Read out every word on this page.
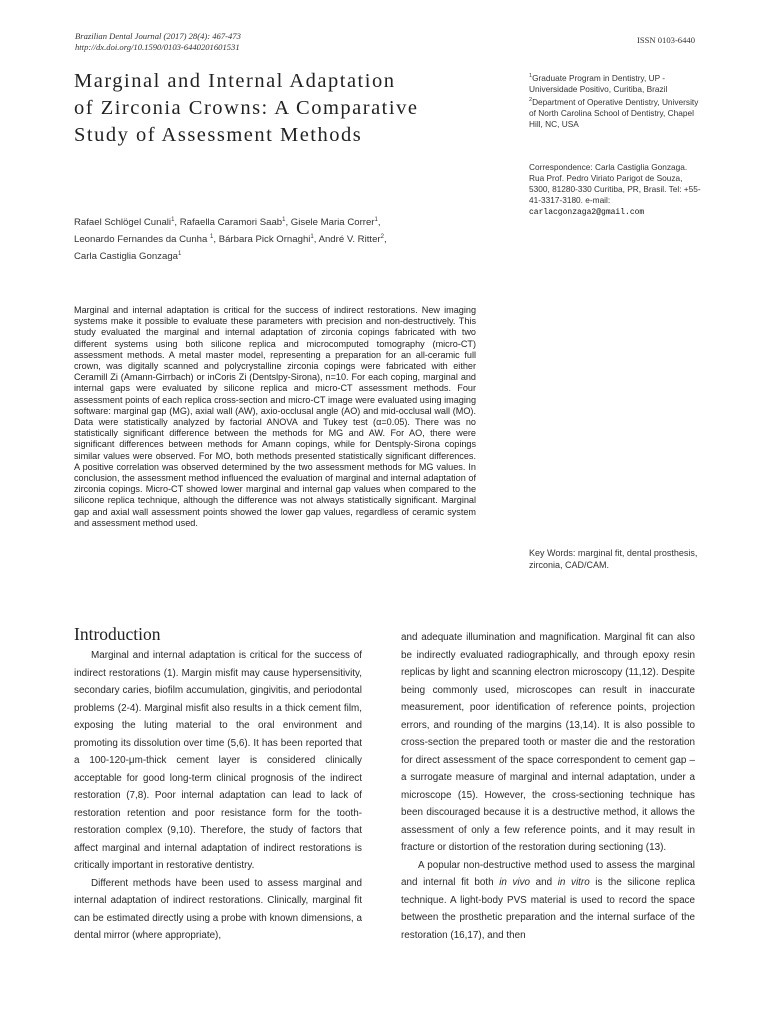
Brazilian Dental Journal (2017) 28(4): 467-473
http://dx.doi.org/10.1590/0103-6440201601531
ISSN 0103-6440
Marginal and Internal Adaptation
of Zirconia Crowns: A Comparative
Study of Assessment Methods
Rafael Schlögel Cunali$^1$, Rafaella Caramori Saab$^1$, Gisele Maria Correr$^1$,
Leonardo Fernandes da Cunha $^1$, Bárbara Pick Ornaghi$^1$, André V. Ritter$^2$,
Carla Castiglia Gonzaga$^1$
$^1$Graduate Program in Dentistry, UP - Universidade Positivo, Curitiba, Brazil
$^2$Department of Operative Dentistry, University of North Carolina School of Dentistry, Chapel Hill, NC, USA
Correspondence: Carla Castiglia Gonzaga. Rua Prof. Pedro Viriato Parigot de Souza, 5300, 81280-330 Curitiba, PR, Brasil. Tel: +55-41-3317-3180. e-mail: carlacgonzaga2@gmail.com
Marginal and internal adaptation is critical for the success of indirect restorations. New imaging systems make it possible to evaluate these parameters with precision and non-destructively. This study evaluated the marginal and internal adaptation of zirconia copings fabricated with two different systems using both silicone replica and microcomputed tomography (micro-CT) assessment methods. A metal master model, representing a preparation for an all-ceramic full crown, was digitally scanned and polycrystalline zirconia copings were fabricated with either Ceramill Zi (Amann-Girrbach) or inCoris Zi (Dentslpy-Sirona), n=10. For each coping, marginal and internal gaps were evaluated by silicone replica and micro-CT assessment methods. Four assessment points of each replica cross-section and micro-CT image were evaluated using imaging software: marginal gap (MG), axial wall (AW), axio-occlusal angle (AO) and mid-occlusal wall (MO). Data were statistically analyzed by factorial ANOVA and Tukey test (α=0.05). There was no statistically significant difference between the methods for MG and AW. For AO, there were significant differences between methods for Amann copings, while for Dentsply-Sirona copings similar values were observed. For MO, both methods presented statistically significant differences. A positive correlation was observed determined by the two assessment methods for MG values. In conclusion, the assessment method influenced the evaluation of marginal and internal adaptation of zirconia copings. Micro-CT showed lower marginal and internal gap values when compared to the silicone replica technique, although the difference was not always statistically significant. Marginal gap and axial wall assessment points showed the lower gap values, regardless of ceramic system and assessment method used.
Key Words: marginal fit, dental prosthesis, zirconia, CAD/CAM.
Introduction

Marginal and internal adaptation is critical for the success of indirect restorations (1). Margin misfit may cause hypersensitivity, secondary caries, biofilm accumulation, gingivitis, and periodontal problems (2-4). Marginal misfit also results in a thick cement film, exposing the luting material to the oral environment and promoting its dissolution over time (5,6). It has been reported that a 100-120-μm-thick cement layer is considered clinically acceptable for good long-term clinical prognosis of the indirect restoration (7,8). Poor internal adaptation can lead to lack of restoration retention and poor resistance form for the tooth-restoration complex (9,10). Therefore, the study of factors that affect marginal and internal adaptation of indirect restorations is critically important in restorative dentistry.

Different methods have been used to assess marginal and internal adaptation of indirect restorations. Clinically, marginal fit can be estimated directly using a probe with known dimensions, a dental mirror (where appropriate),

and adequate illumination and magnification. Marginal fit can also be indirectly evaluated radiographically, and through epoxy resin replicas by light and scanning electron microscopy (11,12). Despite being commonly used, microscopes can result in inaccurate measurement, poor identification of reference points, projection errors, and rounding of the margins (13,14). It is also possible to cross-section the prepared tooth or master die and the restoration for direct assessment of the space correspondent to cement gap – a surrogate measure of marginal and internal adaptation, under a microscope (15). However, the cross-sectioning technique has been discouraged because it is a destructive method, it allows the assessment of only a few reference points, and it may result in fracture or distortion of the restoration during sectioning (13).

A popular non-destructive method used to assess the marginal and internal fit both in vivo and in vitro is the silicone replica technique. A light-body PVS material is used to record the space between the prosthetic preparation and the internal surface of the restoration (16,17), and then
